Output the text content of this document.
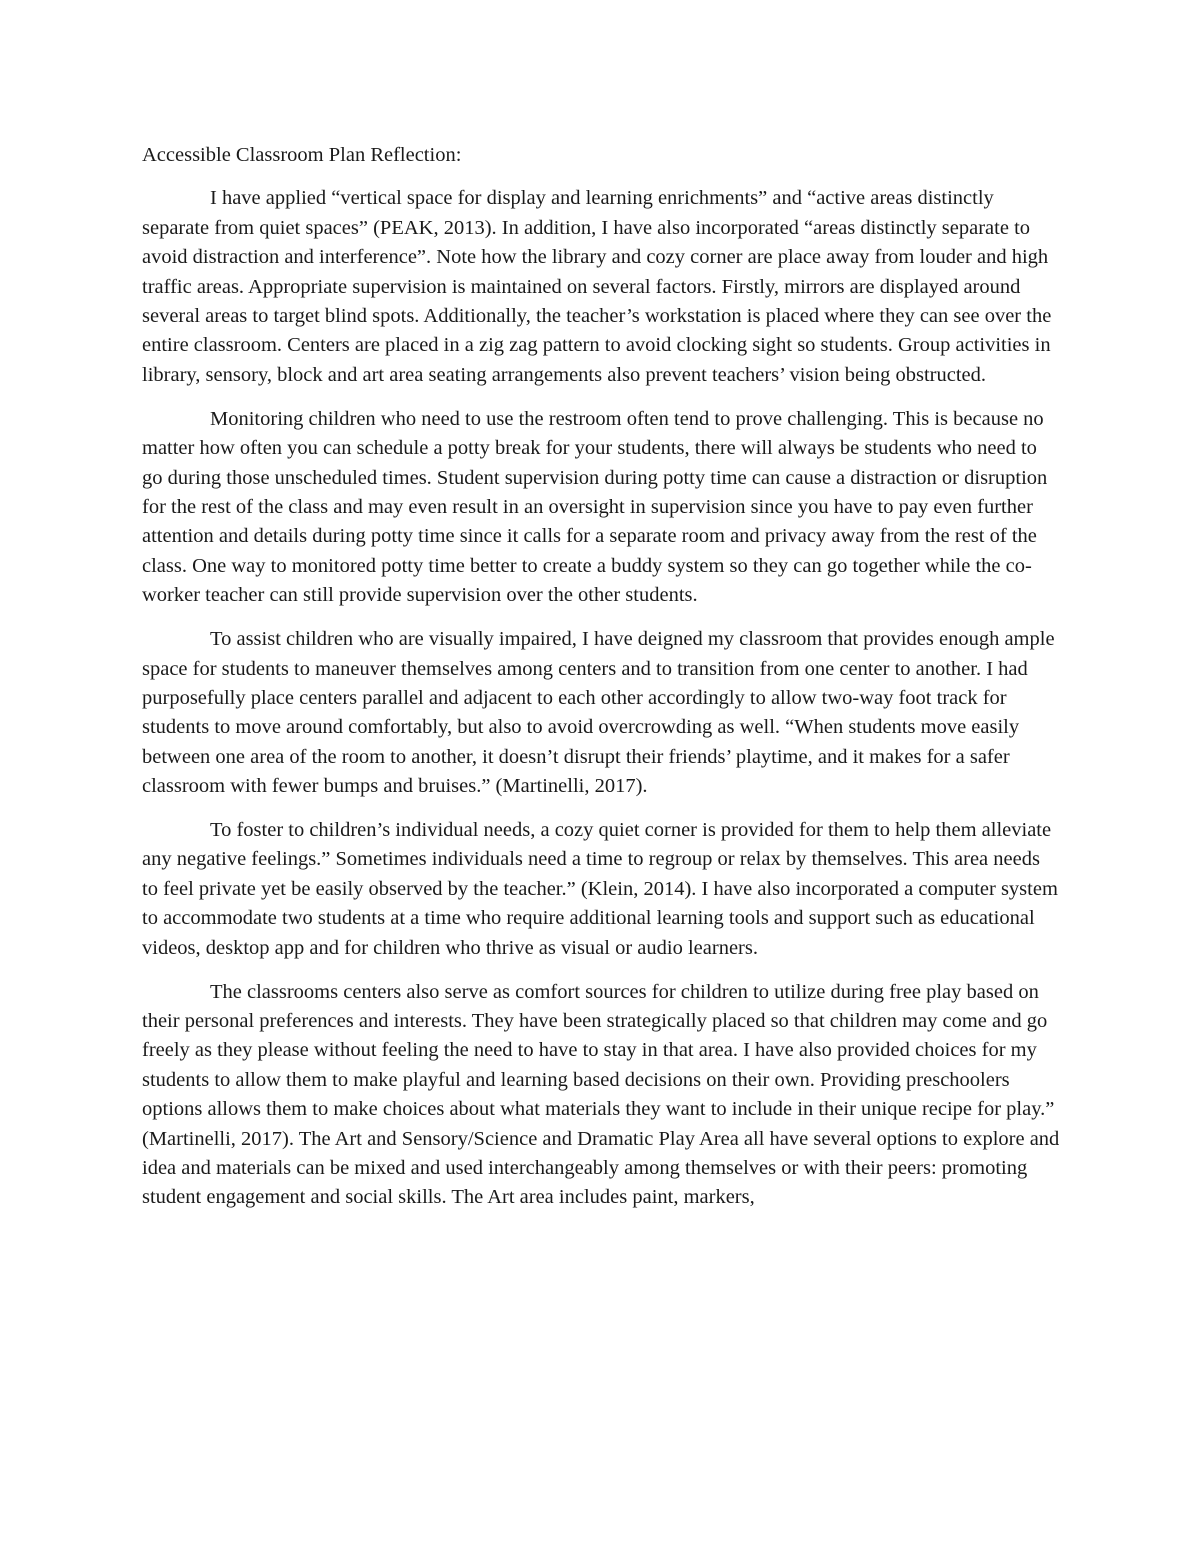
Accessible Classroom Plan Reflection:

I have applied “vertical space for display and learning enrichments” and “active areas distinctly separate from quiet spaces” (PEAK, 2013). In addition, I have also incorporated “areas distinctly separate to avoid distraction and interference”. Note how the library and cozy corner are place away from louder and high traffic areas. Appropriate supervision is maintained on several factors. Firstly, mirrors are displayed around several areas to target blind spots. Additionally, the teacher’s workstation is placed where they can see over the entire classroom. Centers are placed in a zig zag pattern to avoid clocking sight so students. Group activities in library, sensory, block and art area seating arrangements also prevent teachers’ vision being obstructed.

Monitoring children who need to use the restroom often tend to prove challenging. This is because no matter how often you can schedule a potty break for your students, there will always be students who need to go during those unscheduled times. Student supervision during potty time can cause a distraction or disruption for the rest of the class and may even result in an oversight in supervision since you have to pay even further attention and details during potty time since it calls for a separate room and privacy away from the rest of the class. One way to monitored potty time better to create a buddy system so they can go together while the co-worker teacher can still provide supervision over the other students.

To assist children who are visually impaired, I have deigned my classroom that provides enough ample space for students to maneuver themselves among centers and to transition from one center to another. I had purposefully place centers parallel and adjacent to each other accordingly to allow two-way foot track for students to move around comfortably, but also to avoid overcrowding as well. “When students move easily between one area of the room to another, it doesn’t disrupt their friends’ playtime, and it makes for a safer classroom with fewer bumps and bruises.” (Martinelli, 2017).

To foster to children’s individual needs, a cozy quiet corner is provided for them to help them alleviate any negative feelings.” Sometimes individuals need a time to regroup or relax by themselves. This area needs to feel private yet be easily observed by the teacher.” (Klein, 2014). I have also incorporated a computer system to accommodate two students at a time who require additional learning tools and support such as educational videos, desktop app and for children who thrive as visual or audio learners.

The classrooms centers also serve as comfort sources for children to utilize during free play based on their personal preferences and interests. They have been strategically placed so that children may come and go freely as they please without feeling the need to have to stay in that area. I have also provided choices for my students to allow them to make playful and learning based decisions on their own. Providing preschoolers options allows them to make choices about what materials they want to include in their unique recipe for play.” (Martinelli, 2017). The Art and Sensory/Science and Dramatic Play Area all have several options to explore and idea and materials can be mixed and used interchangeably among themselves or with their peers: promoting student engagement and social skills. The Art area includes paint, markers,
